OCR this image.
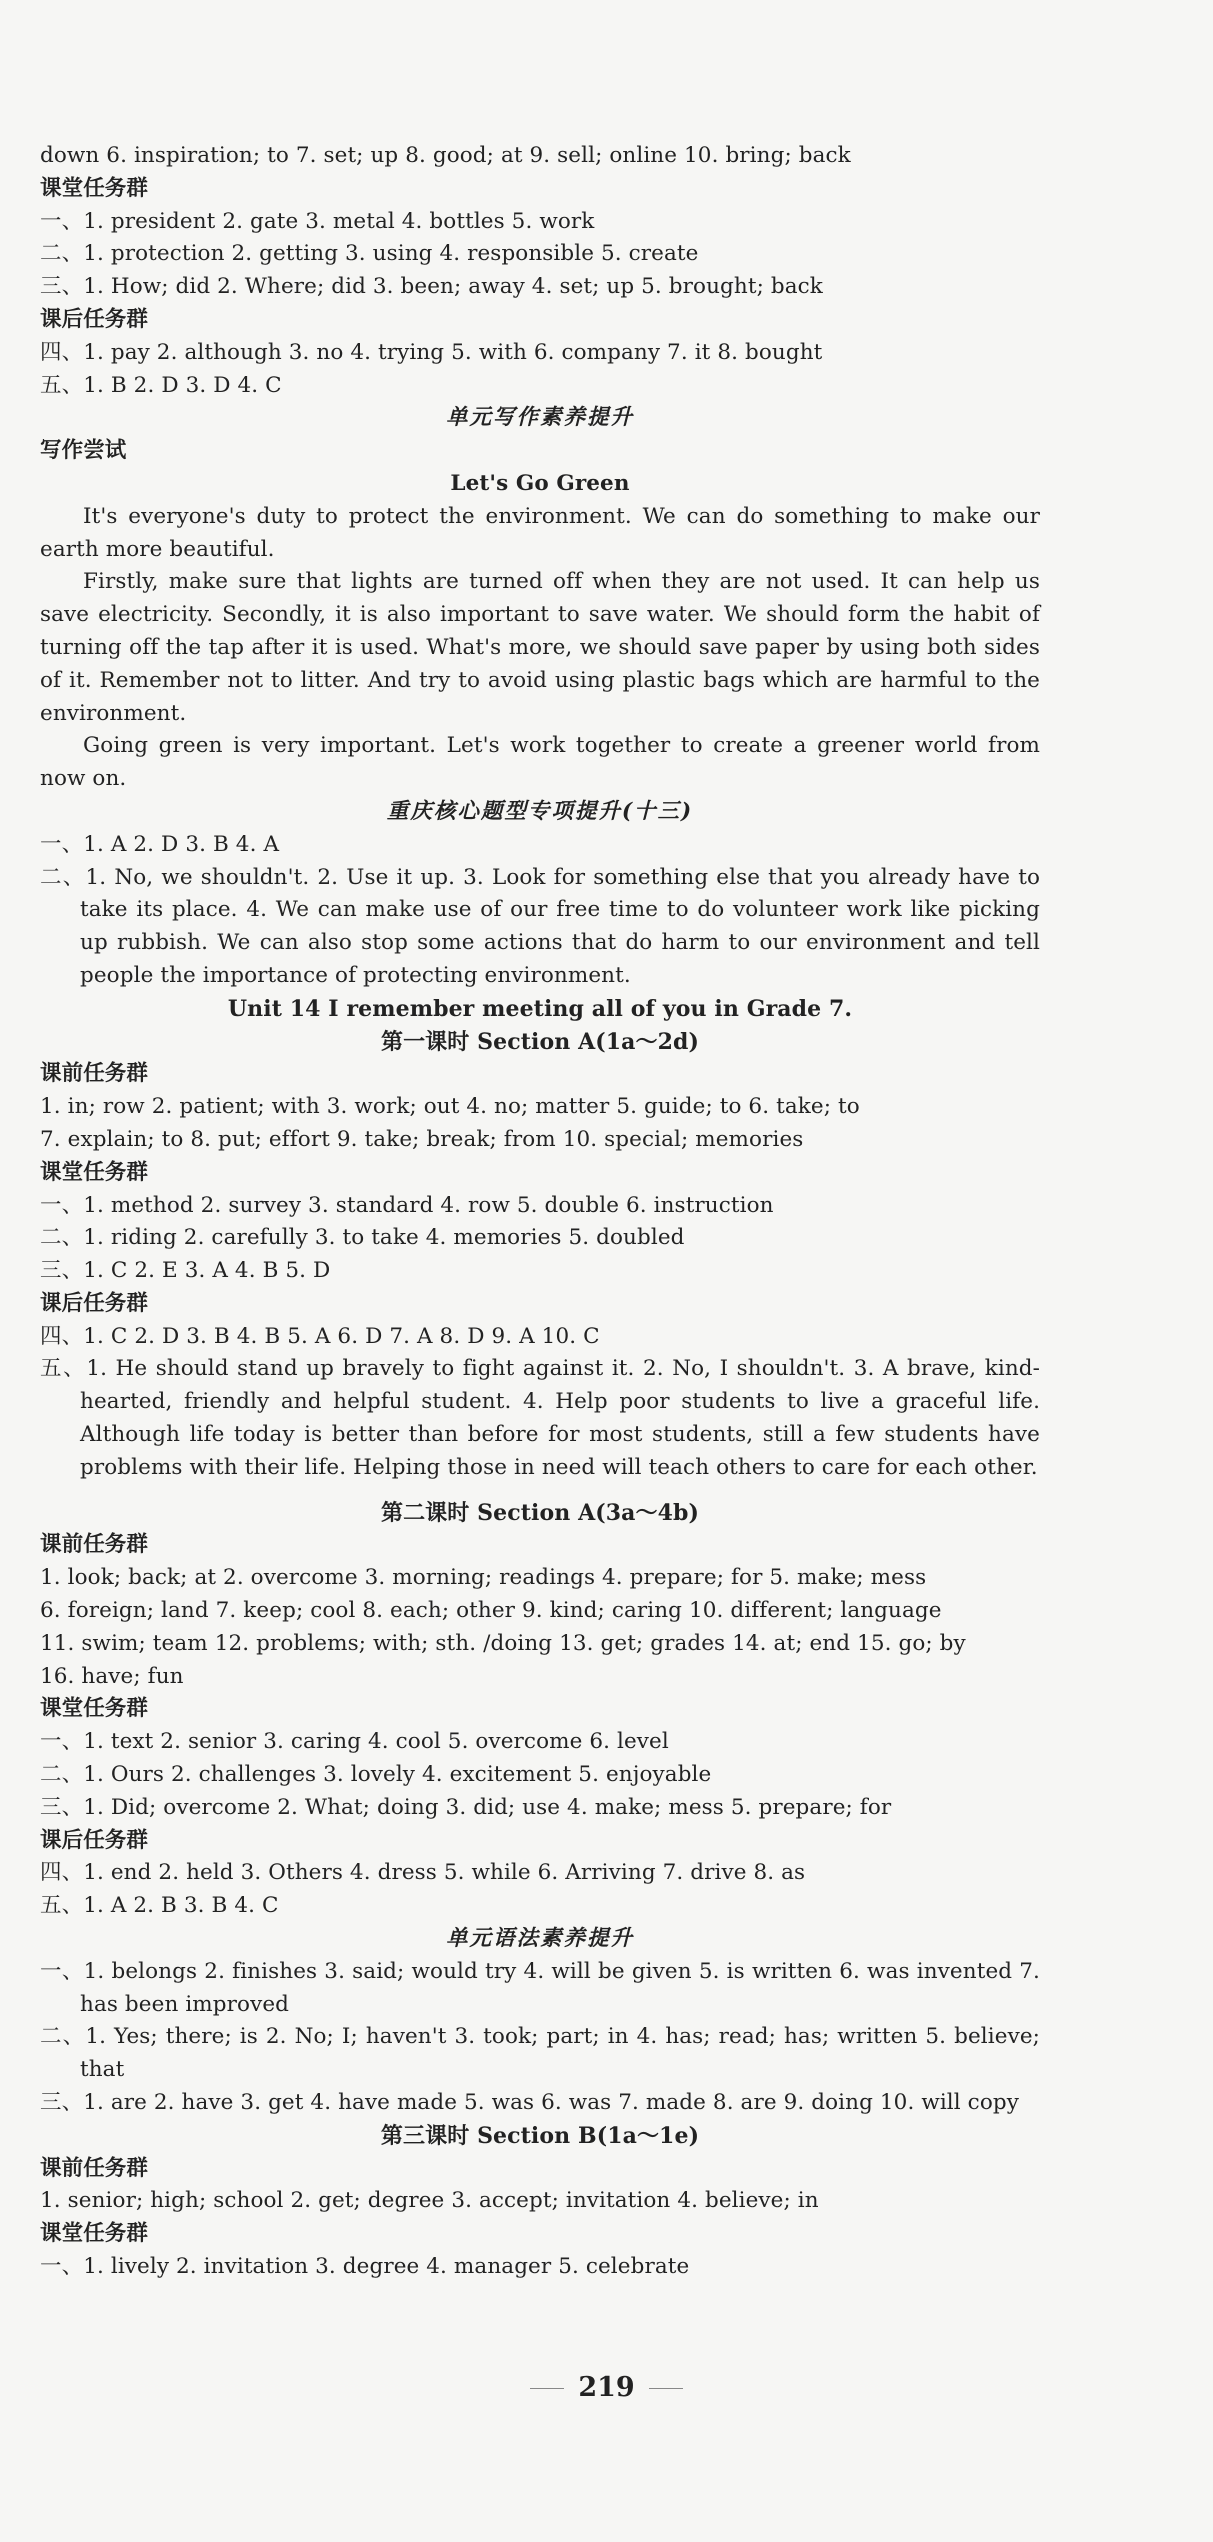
down 6. inspiration; to 7. set; up 8. good; at 9. sell; online 10. bring; back
课堂任务群
一、1. president 2. gate 3. metal 4. bottles 5. work
二、1. protection 2. getting 3. using 4. responsible 5. create
三、1. How; did 2. Where; did 3. been; away 4. set; up 5. brought; back
课后任务群
四、1. pay 2. although 3. no 4. trying 5. with 6. company 7. it 8. bought
五、1. B 2. D 3. D 4. C
单元写作素养提升
写作尝试
Let's Go Green
It's everyone's duty to protect the environment. We can do something to make our earth more beautiful.
Firstly, make sure that lights are turned off when they are not used. It can help us save electricity. Secondly, it is also important to save water. We should form the habit of turning off the tap after it is used. What's more, we should save paper by using both sides of it. Remember not to litter. And try to avoid using plastic bags which are harmful to the environment.
Going green is very important. Let's work together to create a greener world from now on.
重庆核心题型专项提升(十三)
一、1. A 2. D 3. B 4. A
二、1. No, we shouldn't. 2. Use it up. 3. Look for something else that you already have to take its place. 4. We can make use of our free time to do volunteer work like picking up rubbish. We can also stop some actions that do harm to our environment and tell people the importance of protecting environment.
Unit 14 I remember meeting all of you in Grade 7.
第一课时 Section A(1a～2d)
课前任务群
1. in; row 2. patient; with 3. work; out 4. no; matter 5. guide; to 6. take; to
7. explain; to 8. put; effort 9. take; break; from 10. special; memories
课堂任务群
一、1. method 2. survey 3. standard 4. row 5. double 6. instruction
二、1. riding 2. carefully 3. to take 4. memories 5. doubled
三、1. C 2. E 3. A 4. B 5. D
课后任务群
四、1. C 2. D 3. B 4. B 5. A 6. D 7. A 8. D 9. A 10. C
五、1. He should stand up bravely to fight against it. 2. No, I shouldn't. 3. A brave, kind-hearted, friendly and helpful student. 4. Help poor students to live a graceful life. Although life today is better than before for most students, still a few students have problems with their life. Helping those in need will teach others to care for each other.
第二课时 Section A(3a～4b)
课前任务群
1. look; back; at 2. overcome 3. morning; readings 4. prepare; for 5. make; mess
6. foreign; land 7. keep; cool 8. each; other 9. kind; caring 10. different; language
11. swim; team 12. problems; with; sth. /doing 13. get; grades 14. at; end 15. go; by
16. have; fun
课堂任务群
一、1. text 2. senior 3. caring 4. cool 5. overcome 6. level
二、1. Ours 2. challenges 3. lovely 4. excitement 5. enjoyable
三、1. Did; overcome 2. What; doing 3. did; use 4. make; mess 5. prepare; for
课后任务群
四、1. end 2. held 3. Others 4. dress 5. while 6. Arriving 7. drive 8. as
五、1. A 2. B 3. B 4. C
单元语法素养提升
一、1. belongs 2. finishes 3. said; would try 4. will be given 5. is written 6. was invented 7. has been improved
二、1. Yes; there; is 2. No; I; haven't 3. took; part; in 4. has; read; has; written 5. believe; that
三、1. are 2. have 3. get 4. have made 5. was 6. was 7. made 8. are 9. doing 10. will copy
第三课时 Section B(1a～1e)
课前任务群
1. senior; high; school 2. get; degree 3. accept; invitation 4. believe; in
课堂任务群
一、1. lively 2. invitation 3. degree 4. manager 5. celebrate
219
